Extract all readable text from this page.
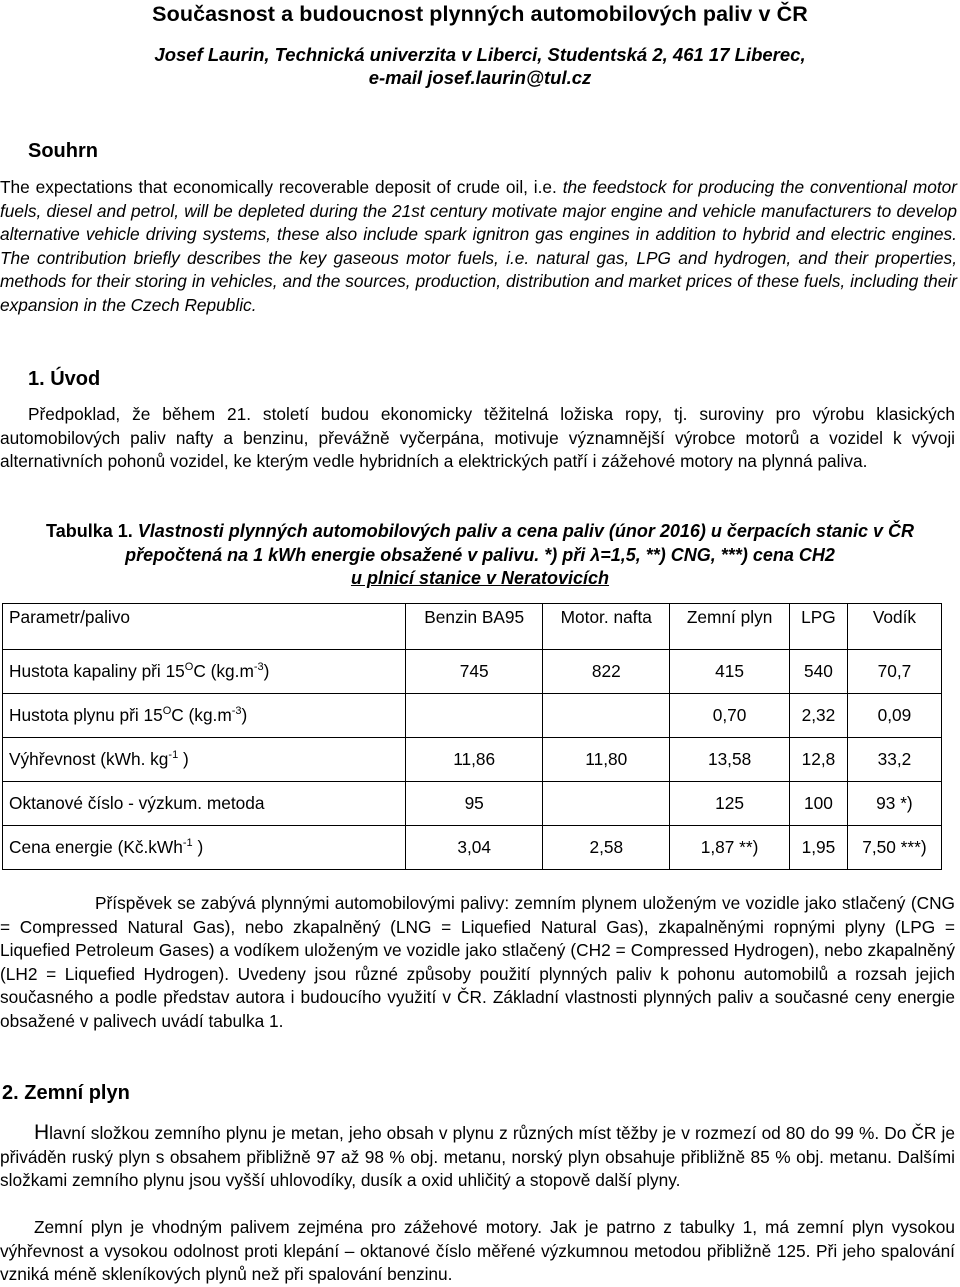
Současnost a budoucnost plynných automobilových paliv v ČR
Josef Laurin, Technická univerzita v Liberci, Studentská 2, 461 17 Liberec,
e-mail josef.laurin@tul.cz
Souhrn

The expectations that economically recoverable deposit of crude oil, i.e. the feedstock for producing the conventional motor fuels, diesel and petrol, will be depleted during the 21st century motivate major engine and vehicle manufacturers to develop alternative vehicle driving systems, these also include spark ignitron gas engines in addition to hybrid and electric engines. The contribution briefly describes the key gaseous motor fuels, i.e. natural gas, LPG and hydrogen, and their properties, methods for their storing in vehicles, and the sources, production, distribution and market prices of these fuels, including their expansion in the Czech Republic.

1. Úvod

Předpoklad, že během 21. století budou ekonomicky těžitelná ložiska ropy, tj. suroviny pro výrobu klasických automobilových paliv nafty a benzinu, převážně vyčerpána, motivuje významnější výrobce motorů a vozidel k vývoji alternativních pohonů vozidel, ke kterým vedle hybridních a elektrických patří i zážehové motory na plynná paliva.

Tabulka 1. Vlastnosti plynných automobilových paliv a cena paliv (únor 2016) u čerpacích stanic v ČR přepočtená na 1 kWh energie obsažené v palivu. *) při λ=1,5, **) CNG, ***) cena CH2
u plnicí stanice v Neratovicích
Parametr/palivo	Benzin BA95	Motor. nafta	Zemní plyn	LPG	Vodík
Hustota kapaliny při $15^OC$ $(kg.m^{-3})$	745	822	415	540	70,7
Hustota plynu při $15^OC$ $(kg.m^{-3})$			0,70	2,32	0,09
Výhřevnost (kWh. $kg^{-1}$ )	11,86	11,80	13,58	12,8	33,2
Oktanové číslo - výzkum. metoda	95		125	100	93 *)
Cena energie (Kč.kWh$^{-1}$ )	3,04	2,58	1,87 **)	1,95	7,50 ***)

Příspěvek se zabývá plynnými automobilovými palivy: zemním plynem uloženým ve vozidle jako stlačený (CNG = Compressed Natural Gas), nebo zkapalněný (LNG = Liquefied Natural Gas), zkapalněnými ropnými plyny (LPG = Liquefied Petroleum Gases) a vodíkem uloženým ve vozidle jako stlačený (CH2 = Compressed Hydrogen), nebo zkapalněný (LH2 = Liquefied Hydrogen). Uvedeny jsou různé způsoby použití plynných paliv k pohonu automobilů a rozsah jejich současného a podle představ autora i budoucího využití v ČR. Základní vlastnosti plynných paliv a současné ceny energie obsažené v palivech uvádí tabulka 1.

2. Zemní plyn

Hlavní složkou zemního plynu je metan, jeho obsah v plynu z různých míst těžby je v rozmezí od 80 do 99 %. Do ČR je přiváděn ruský plyn s obsahem přibližně 97 až 98 % obj. metanu, norský plyn obsahuje přibližně 85 % obj. metanu. Dalšími složkami zemního plynu jsou vyšší uhlovodíky, dusík a oxid uhličitý a stopově další plyny.

Zemní plyn je vhodným palivem zejména pro zážehové motory. Jak je patrno z tabulky 1, má zemní plyn vysokou výhřevnost a vysokou odolnost proti klepání – oktanové číslo měřené výzkumnou metodou přibližně 125. Při jeho spalování vzniká méně skleníkových plynů než při spalování benzinu.
